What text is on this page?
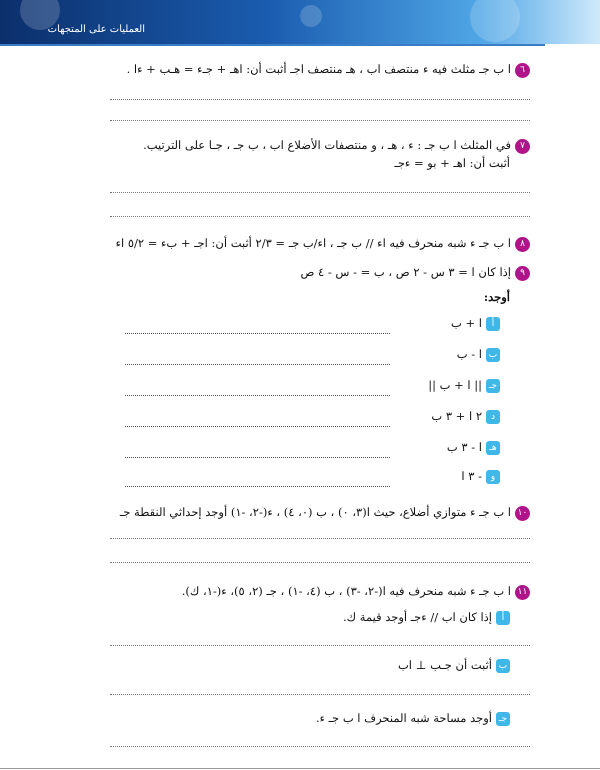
العمليات على المتجهات
٦ا ب جـ مثلث فيه ء منتصف اب ، هـ منتصف اجـ أثبت أن: اهـ + جـء = هـب + ءا .
٧في المثلث ا ب جـ : ء ، هـ ، و منتصفات الأضلاع اب ، ب جـ ، جـا على الترتيب.
أثبت أن: اهـ + بو = ءجـ
٨ا ب جـ ء شبه منحرف فيه اء // ب جـ ، اء/ب جـ = ٢/٣ أثبت أن: اجـ + بء = ٥/٢ اء
٩إذا كان ا = ٣ س - ٢ ص ، ب = - س - ٤ ص
أوجد:
أا + ب
با - ب
جـ|| ا + ب ||
د٢ ا + ٣ ب
هـا - ٣ ب
و- ٣ ا
١٠ا ب جـ ء متوازي أضلاع، حيث ا(٣، ٠) ، ب (٠، ٤) ، ء(-٢، -١) أوجد إحداثي النقطة جـ
١١ا ب جـ ء شبه منحرف فيه ا(-٢، -٣) ، ب (٤، -١) ، جـ (٢، ٥)، ء(-١، ك).
أإذا كان اب // ءجـ أوجد قيمة ك.
بأثبت أن جـب ⊥ اب
جـأوجد مساحة شبه المنحرف ا ب جـ ء.
